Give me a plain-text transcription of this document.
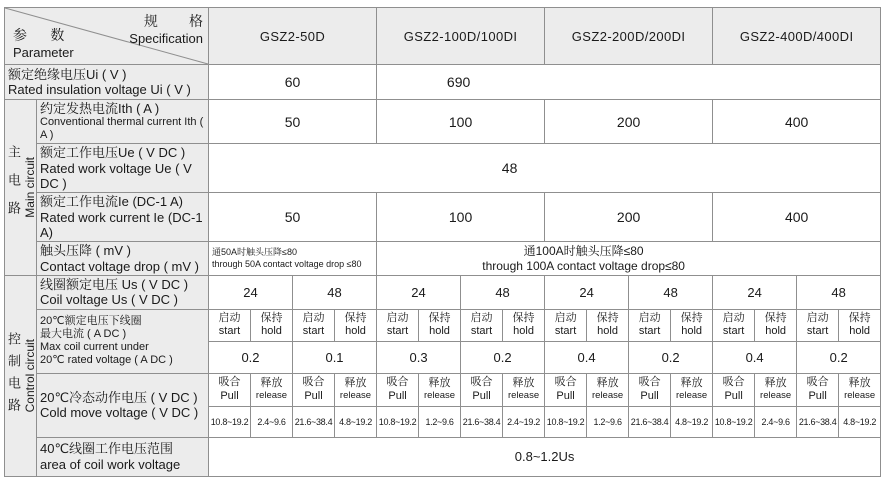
规        格
Specification
参      数
Parameter		GSZ2-50D				GSZ2-100D/100DI				GSZ2-200D/200DI				GSZ2-400D/400DI			

额定绝缘电压Ui ( V )
Rated insulation voltage Ui ( V )		60				690											

主电路 Main circuit	约定发热电流Ith ( A )
Conventional thermal current Ith ( A )	50				100				200				400			

	额定工作电压Ue ( V DC )
Rated work voltage Ue ( V DC )	48															

	额定工作电流Ie (DC-1 A)
Rated work current Ie (DC-1 A)	50				100				200				400			

	触头压降 ( mV )
Contact voltage drop ( mV )	通50A时触头压降≤80
through 50A contact voltage drop ≤80				通100A时触头压降≤80
through 100A contact voltage drop≤80											

控制电路 Control circuit	线圈额定电压 Us ( V DC )
Coil voltage Us ( V DC )	24		48		24		48		24		48		24		48	

	20℃额定电压下线圈
最大电流 ( A DC )
Max coil current under
20℃ rated voltage ( A DC )	启动
start	保持
hold	启动
start	保持
hold	启动
start	保持
hold	启动
start	保持
hold	启动
start	保持
hold	启动
start	保持
hold	启动
start	保持
hold	启动
start	保持
hold

		0.2		0.1		0.3		0.2		0.4		0.2		0.4		0.2	

	20℃冷态动作电压 ( V DC )
Cold move voltage ( V DC )	吸合
Pull	释放
release	吸合
Pull	释放
release	吸合
Pull	释放
release	吸合
Pull	释放
release	吸合
Pull	释放
release	吸合
Pull	释放
release	吸合
Pull	释放
release	吸合
Pull	释放
release

		10.8~19.2	2.4~9.6	21.6~38.4	4.8~19.2	10.8~19.2	1.2~9.6	21.6~38.4	2.4~19.2	10.8~19.2	1.2~9.6	21.6~38.4	4.8~19.2	10.8~19.2	2.4~9.6	21.6~38.4	4.8~19.2

	40℃线圈工作电压范围
area of coil work voltage	0.8~1.2Us															
